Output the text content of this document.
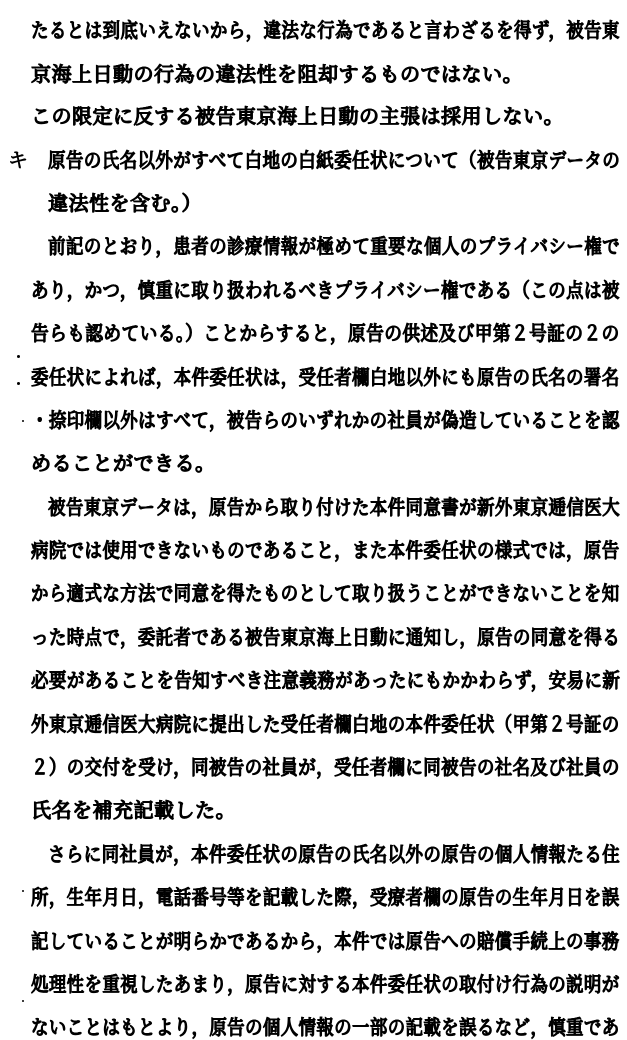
たるとは到底いえないから，違法な行為であると言わざるを得ず，被告東
京海上日動の行為の違法性を阻却するものではない。
この限定に反する被告東京海上日動の主張は採用しない。
キ 原告の氏名以外がすべて白地の白紙委任状について（被告東京データの
違法性を含む。）
前記のとおり，患者の診療情報が極めて重要な個人のプライバシー権で
あり，かつ，慎重に取り扱われるべきプライバシー権である（この点は被
告らも認めている。）ことからすると，原告の供述及び甲第２号証の２の
委任状によれば，本件委任状は，受任者欄白地以外にも原告の氏名の署名
・捺印欄以外はすべて，被告らのいずれかの社員が偽造していることを認
めることができる。
被告東京データは，原告から取り付けた本件同意書が新外東京逓信医大
病院では使用できないものであること，また本件委任状の様式では，原告
から適式な方法で同意を得たものとして取り扱うことができないことを知
った時点で，委託者である被告東京海上日動に通知し，原告の同意を得る
必要があることを告知すべき注意義務があったにもかかわらず，安易に新
外東京逓信医大病院に提出した受任者欄白地の本件委任状（甲第２号証の
２）の交付を受け，同被告の社員が，受任者欄に同被告の社名及び社員の
氏名を補充記載した。
さらに同社員が，本件委任状の原告の氏名以外の原告の個人情報たる住
所，生年月日，電話番号等を記載した際，受療者欄の原告の生年月日を誤
記していることが明らかであるから，本件では原告への賠償手続上の事務
処理性を重視したあまり，原告に対する本件委任状の取付け行為の説明が
ないことはもとより，原告の個人情報の一部の記載を誤るなど，慎重であ
